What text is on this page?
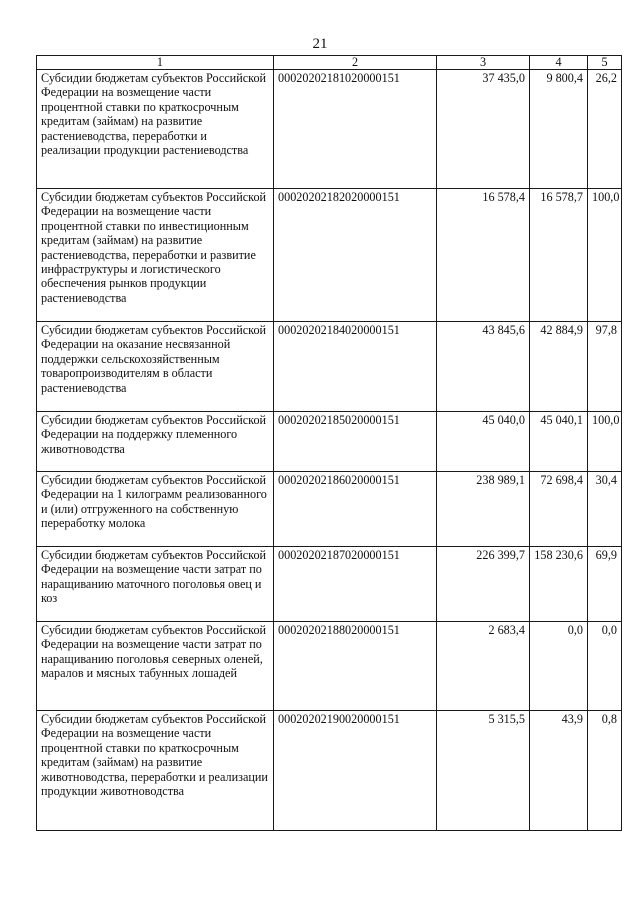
21
1	2	3	4	5
Субсидии бюджетам субъектов Российской Федерации на возмещение части процентной ставки по краткосрочным кредитам (займам) на развитие растениеводства, переработки и реализации продукции растениеводства	00020202181020000151	37 435,0	9 800,4	26,2
Субсидии бюджетам субъектов Российской Федерации на возмещение части процентной ставки по инвестиционным кредитам (займам) на развитие растениеводства, переработки и развитие инфраструктуры и логистического обеспечения рынков продукции растениеводства	00020202182020000151	16 578,4	16 578,7	100,0
Субсидии бюджетам субъектов Российской Федерации на оказание несвязанной поддержки сельскохозяйственным товаропроизводителям в области растениеводства	00020202184020000151	43 845,6	42 884,9	97,8
Субсидии бюджетам субъектов Российской Федерации на поддержку племенного животноводства	00020202185020000151	45 040,0	45 040,1	100,0
Субсидии бюджетам субъектов Российской Федерации на 1 килограмм реализованного и (или) отгруженного на собственную переработку молока	00020202186020000151	238 989,1	72 698,4	30,4
Субсидии бюджетам субъектов Российской Федерации на возмещение части затрат по наращиванию маточного поголовья овец и коз	00020202187020000151	226 399,7	158 230,6	69,9
Субсидии бюджетам субъектов Российской Федерации на возмещение части затрат по наращиванию поголовья северных оленей, маралов и мясных табунных лошадей	00020202188020000151	2 683,4	0,0	0,0
Субсидии бюджетам субъектов Российской Федерации на возмещение части процентной ставки по краткосрочным кредитам (займам) на развитие животноводства, переработки и реализации продукции животноводства	00020202190020000151	5 315,5	43,9	0,8
